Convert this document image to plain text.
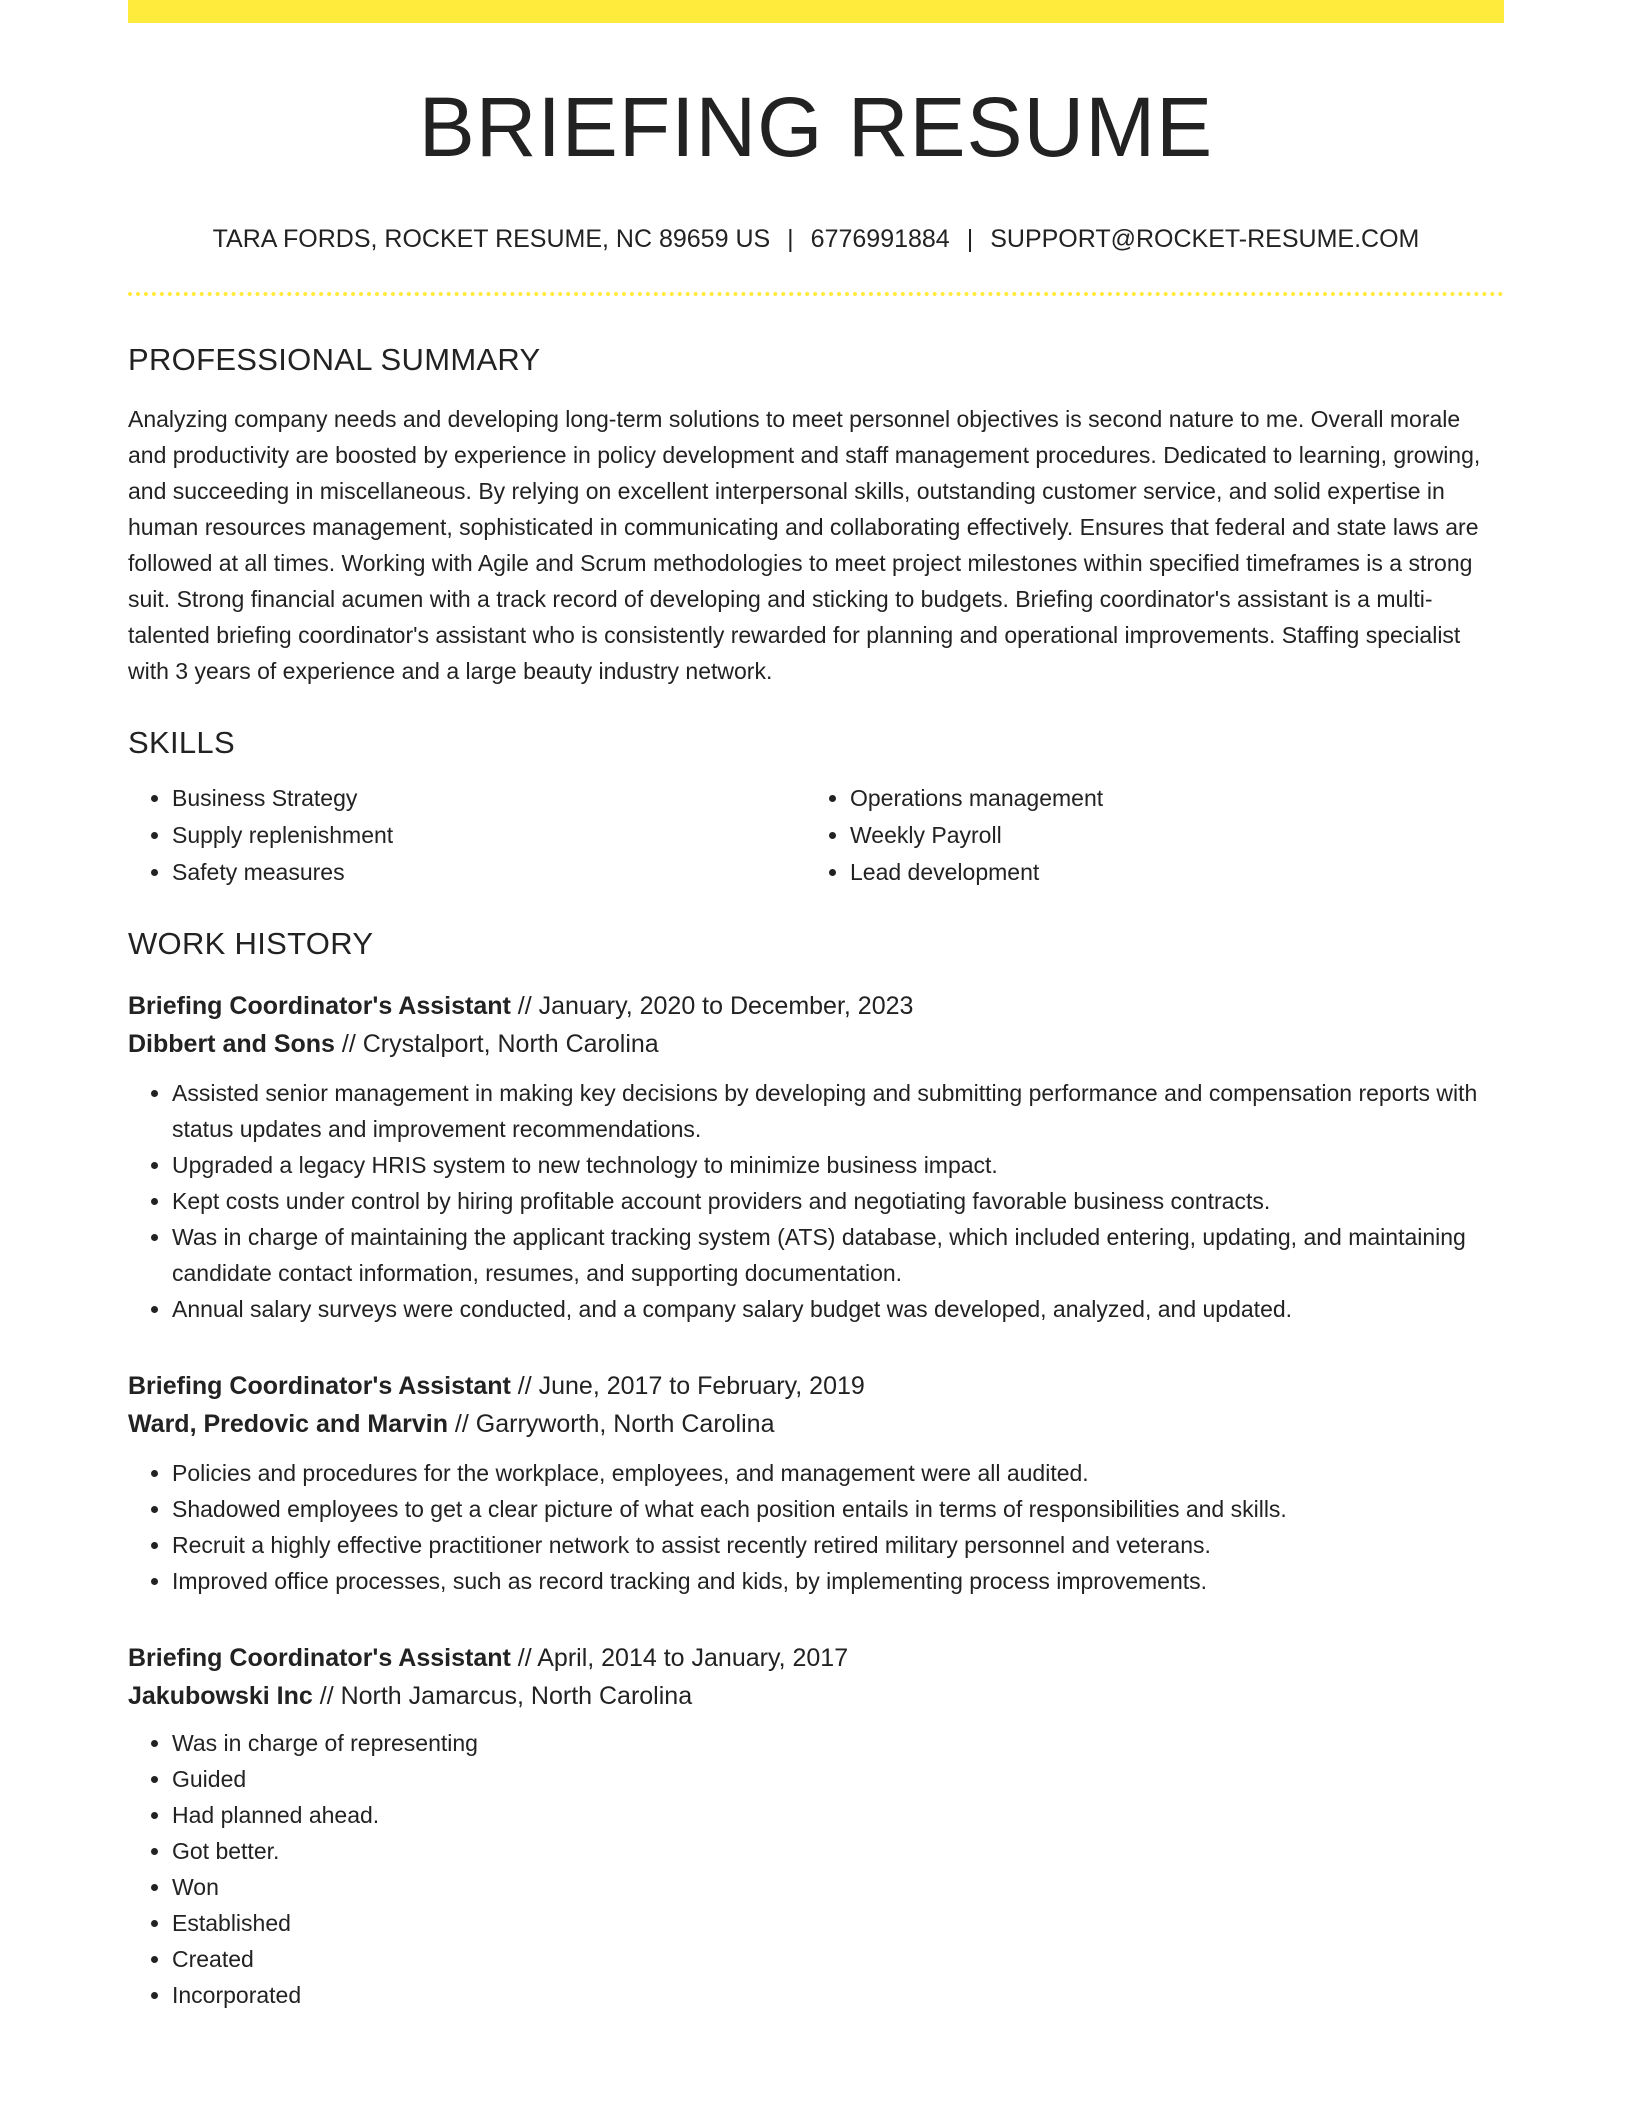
BRIEFING RESUME
TARA FORDS, ROCKET RESUME, NC 89659 US | 6776991884 | SUPPORT@ROCKET-RESUME.COM
PROFESSIONAL SUMMARY

Analyzing company needs and developing long-term solutions to meet personnel objectives is second nature to me. Overall morale and productivity are boosted by experience in policy development and staff management procedures. Dedicated to learning, growing, and succeeding in miscellaneous. By relying on excellent interpersonal skills, outstanding customer service, and solid expertise in human resources management, sophisticated in communicating and collaborating effectively. Ensures that federal and state laws are followed at all times. Working with Agile and Scrum methodologies to meet project milestones within specified timeframes is a strong suit. Strong financial acumen with a track record of developing and sticking to budgets. Briefing coordinator's assistant is a multi-talented briefing coordinator's assistant who is consistently rewarded for planning and operational improvements. Staffing specialist with 3 years of experience and a large beauty industry network.

SKILLS
• Business Strategy
• Supply replenishment
• Safety measures
• Operations management
• Weekly Payroll
• Lead development
WORK HISTORY
Briefing Coordinator's Assistant // January, 2020 to December, 2023
Dibbert and Sons // Crystalport, North Carolina
• Assisted senior management in making key decisions by developing and submitting performance and compensation reports with status updates and improvement recommendations.
• Upgraded a legacy HRIS system to new technology to minimize business impact.
• Kept costs under control by hiring profitable account providers and negotiating favorable business contracts.
• Was in charge of maintaining the applicant tracking system (ATS) database, which included entering, updating, and maintaining candidate contact information, resumes, and supporting documentation.
• Annual salary surveys were conducted, and a company salary budget was developed, analyzed, and updated.
Briefing Coordinator's Assistant // June, 2017 to February, 2019
Ward, Predovic and Marvin // Garryworth, North Carolina
• Policies and procedures for the workplace, employees, and management were all audited.
• Shadowed employees to get a clear picture of what each position entails in terms of responsibilities and skills.
• Recruit a highly effective practitioner network to assist recently retired military personnel and veterans.
• Improved office processes, such as record tracking and kids, by implementing process improvements.
Briefing Coordinator's Assistant // April, 2014 to January, 2017
Jakubowski Inc // North Jamarcus, North Carolina
• Was in charge of representing
• Guided
• Had planned ahead.
• Got better.
• Won
• Established
• Created
• Incorporated
